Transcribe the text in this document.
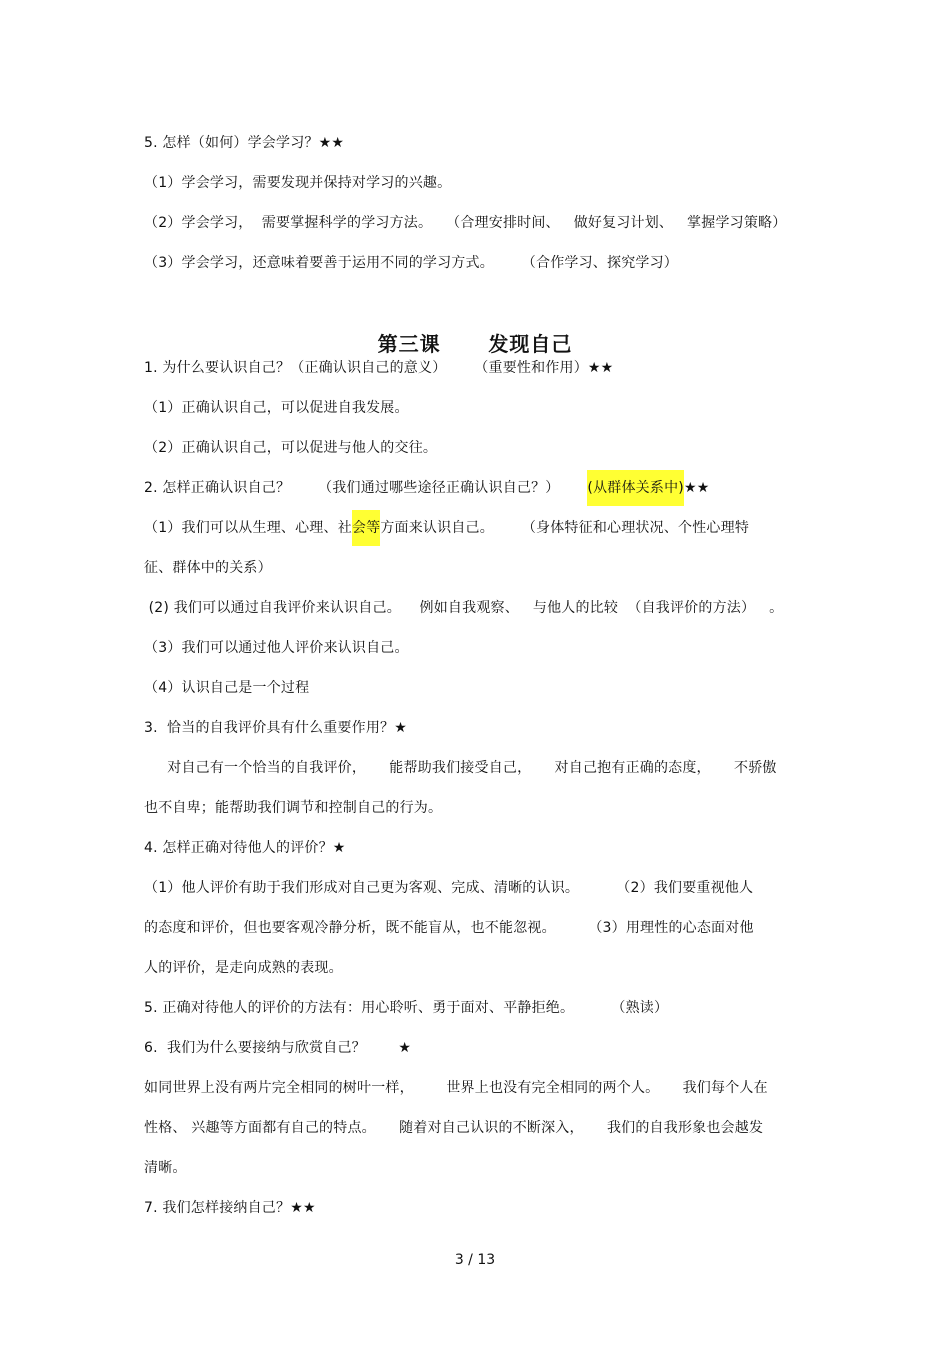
5. 怎样（如何）学会学习？★★

（1）学会学习，需要发现并保持对学习的兴趣。

（2）学会学习，  需要掌握科学的学习方法。   （合理安排时间、   做好复习计划、   掌握学习策略）

（3）学会学习，还意味着要善于运用不同的学习方式。      （合作学习、探究学习）

第三课      发现自己

1. 为什么要认识自己？（正确认识自己的意义）      （重要性和作用）★★

（1）正确认识自己，可以促进自我发展。

（2）正确认识自己，可以促进与他人的交往。

2. 怎样正确认识自己？      （我们通过哪些途径正确认识自己？）      (从群体关系中)★★

（1）我们可以从生理、心理、社会等方面来认识自己。      （身体特征和心理状况、个性心理特

征、群体中的关系）

(2) 我们可以通过自我评价来认识自己。    例如自我观察、   与他人的比较  （自我评价的方法）   。

（3）我们可以通过他人评价来认识自己。

（4）认识自己是一个过程

3.  恰当的自我评价具有什么重要作用？★

对自己有一个恰当的自我评价，     能帮助我们接受自己，     对自己抱有正确的态度，     不骄傲

也不自卑；能帮助我们调节和控制自己的行为。

4. 怎样正确对待他人的评价？★

（1）他人评价有助于我们形成对自己更为客观、完成、清晰的认识。        （2）我们要重视他人

的态度和评价，但也要客观冷静分析，既不能盲从，也不能忽视。       （3）用理性的心态面对他

人的评价，是走向成熟的表现。

5. 正确对待他人的评价的方法有：用心聆听、勇于面对、平静拒绝。        （熟读）

6.  我们为什么要接纳与欣赏自己？       ★

如同世界上没有两片完全相同的树叶一样，       世界上也没有完全相同的两个人。     我们每个人在

性格、 兴趣等方面都有自己的特点。     随着对自己认识的不断深入，     我们的自我形象也会越发

清晰。

7. 我们怎样接纳自己？★★

3 / 13
